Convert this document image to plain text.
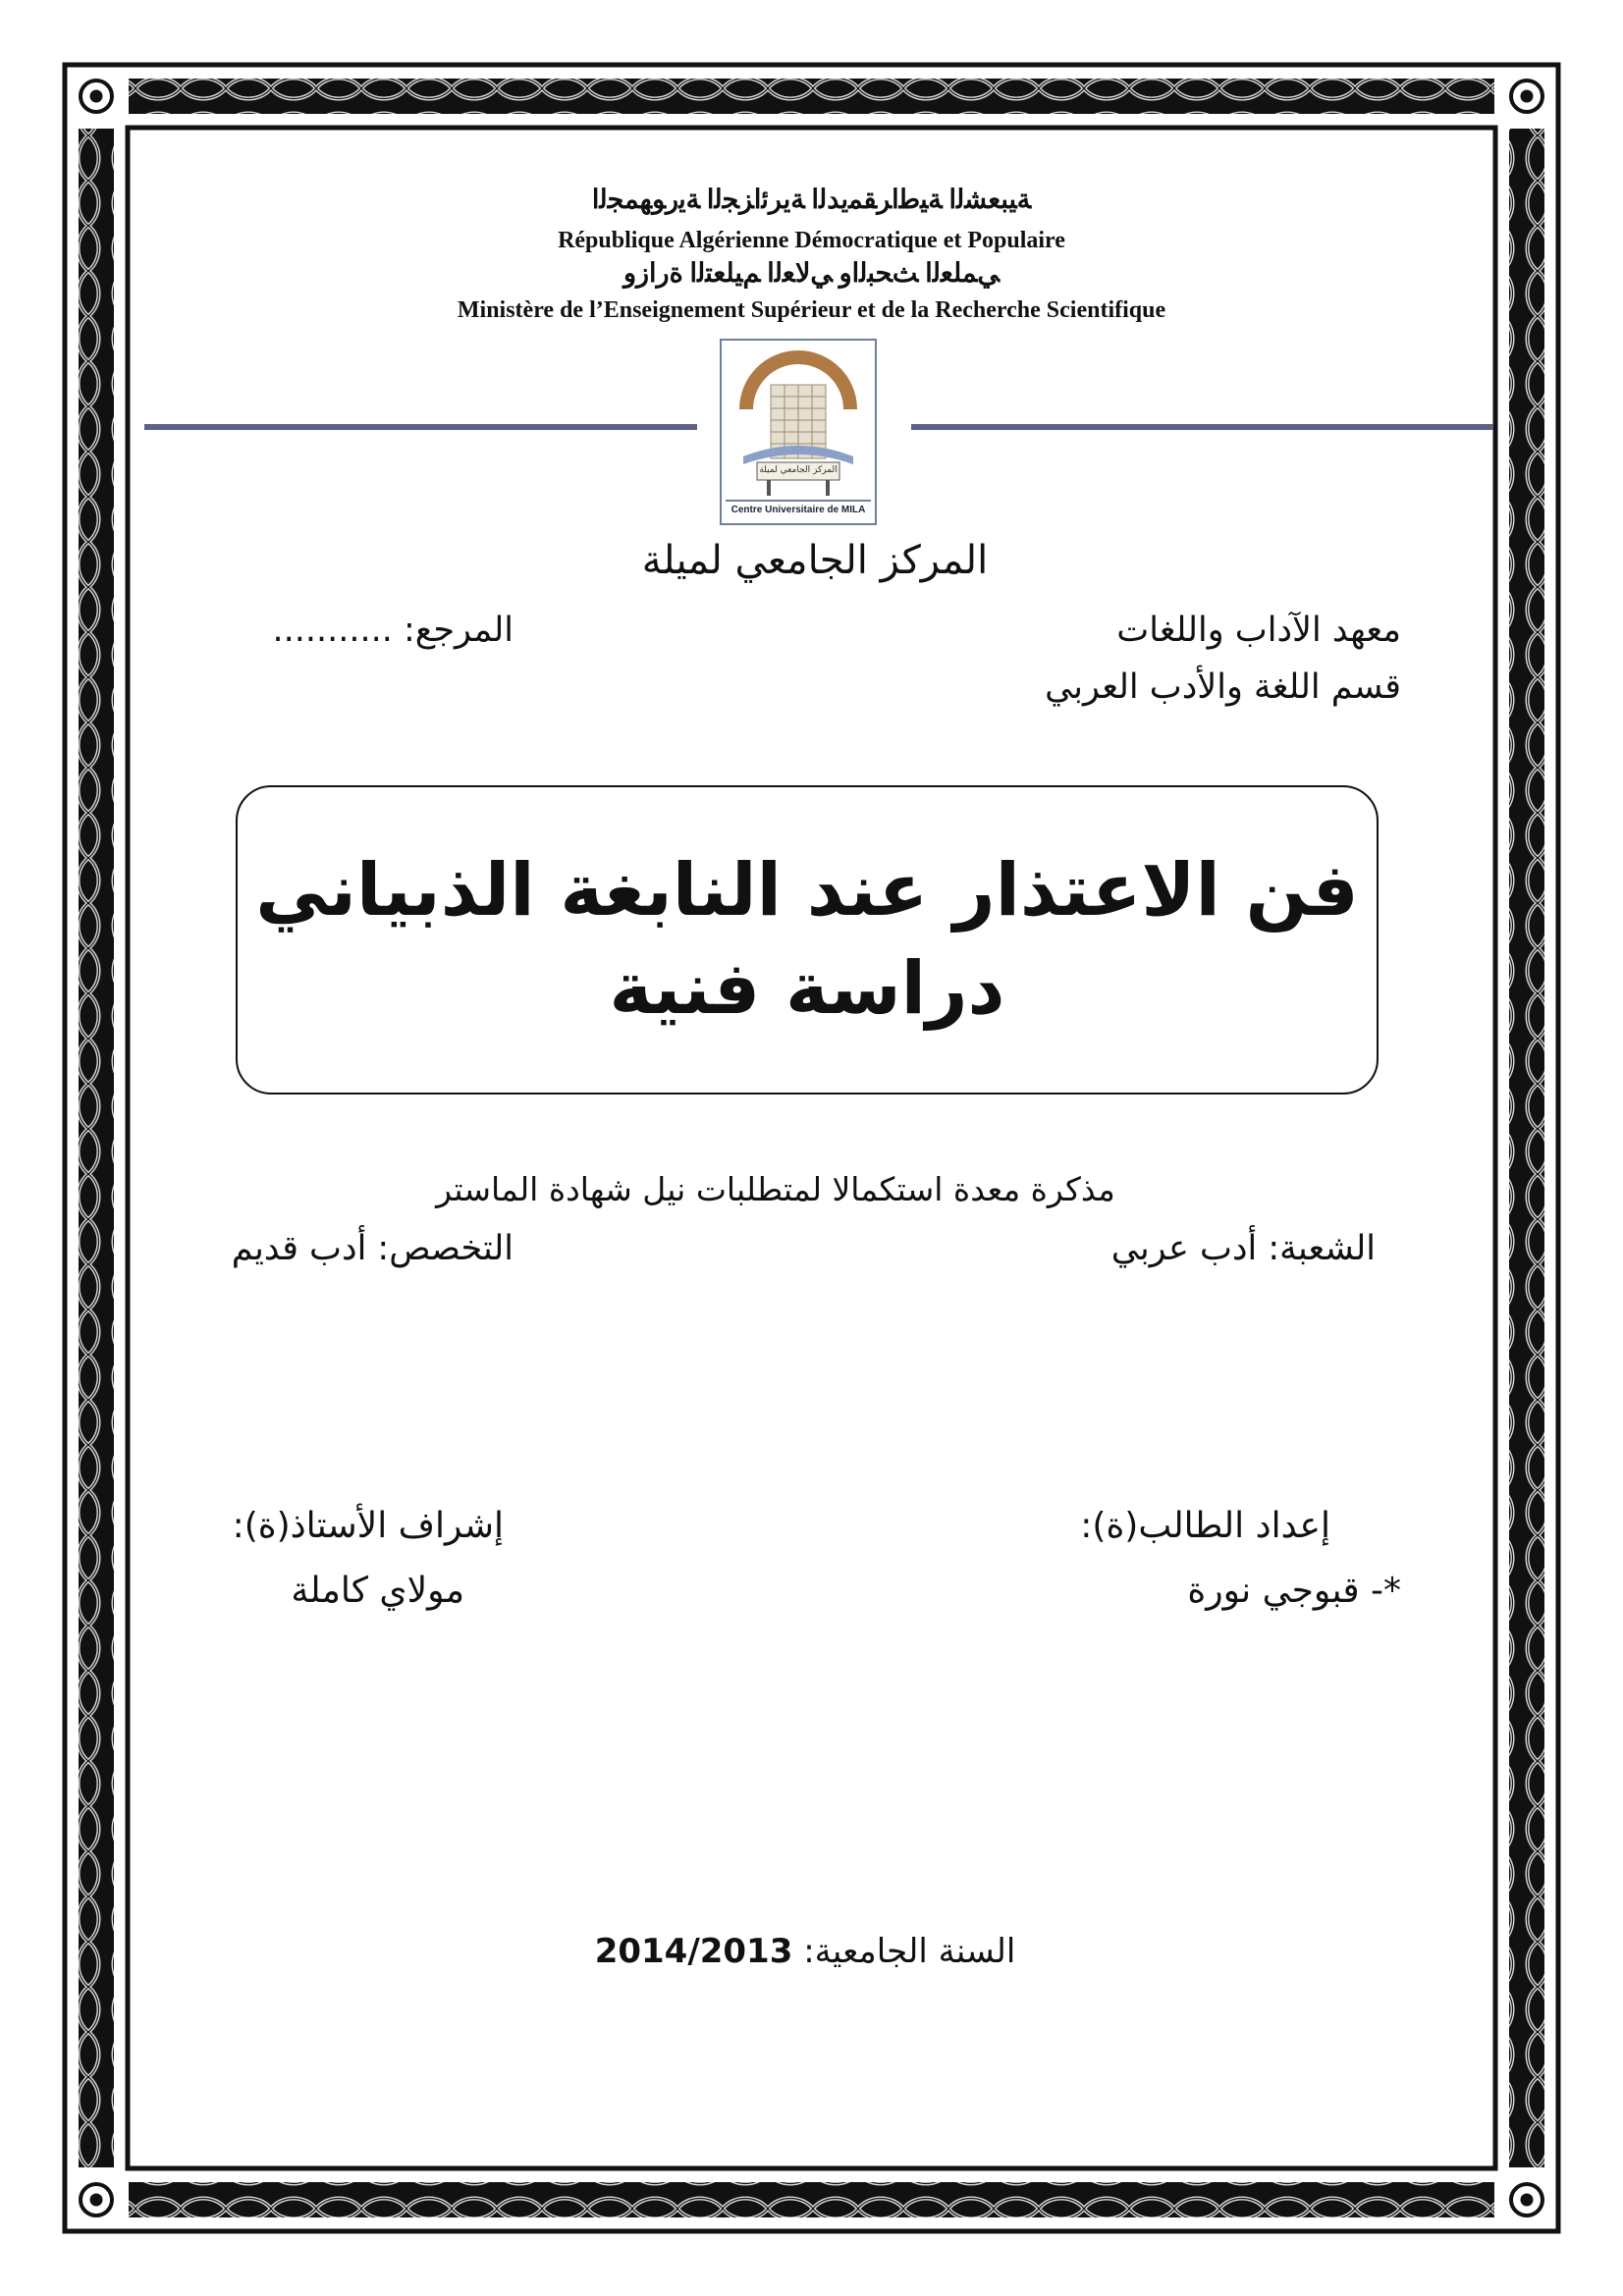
ﺔﻴﺒﻌﺸﻟا ﺔﻴﻃاﺮﻘﻤﻳﺪﻟا ﺔﻳﺮﺋاﺰﺠﻟا ﺔﻳرﻮﻬﻤﺠﻟا
République Algérienne Démocratique et Populaire
ﻲﻤﻠﻌﻟا ﺚﺤﺒﻟاو ﻲﻟﺎﻌﻟا ﻢﻴﻠﻌﺘﻟا ةرازو
Ministère de l’Enseignement Supérieur et de la Recherche Scientifique
المركز الجامعي لميلة
Centre Universitaire de MILA
المركز الجامعي لميلة
معهد الآداب واللغات
قسم اللغة والأدب العربي
المرجع: ...........
فن الاعتذار عند النابغة الذبياني
دراسة فنية
مذكرة معدة استكمالا لمتطلبات نيل شهادة الماستر
الشعبة: أدب عربي
التخصص: أدب قديم
إعداد الطالب(ة):
*- قبوجي نورة
إشراف الأستاذ(ة):
مولاي كاملة
السنة الجامعية: 2014/2013
